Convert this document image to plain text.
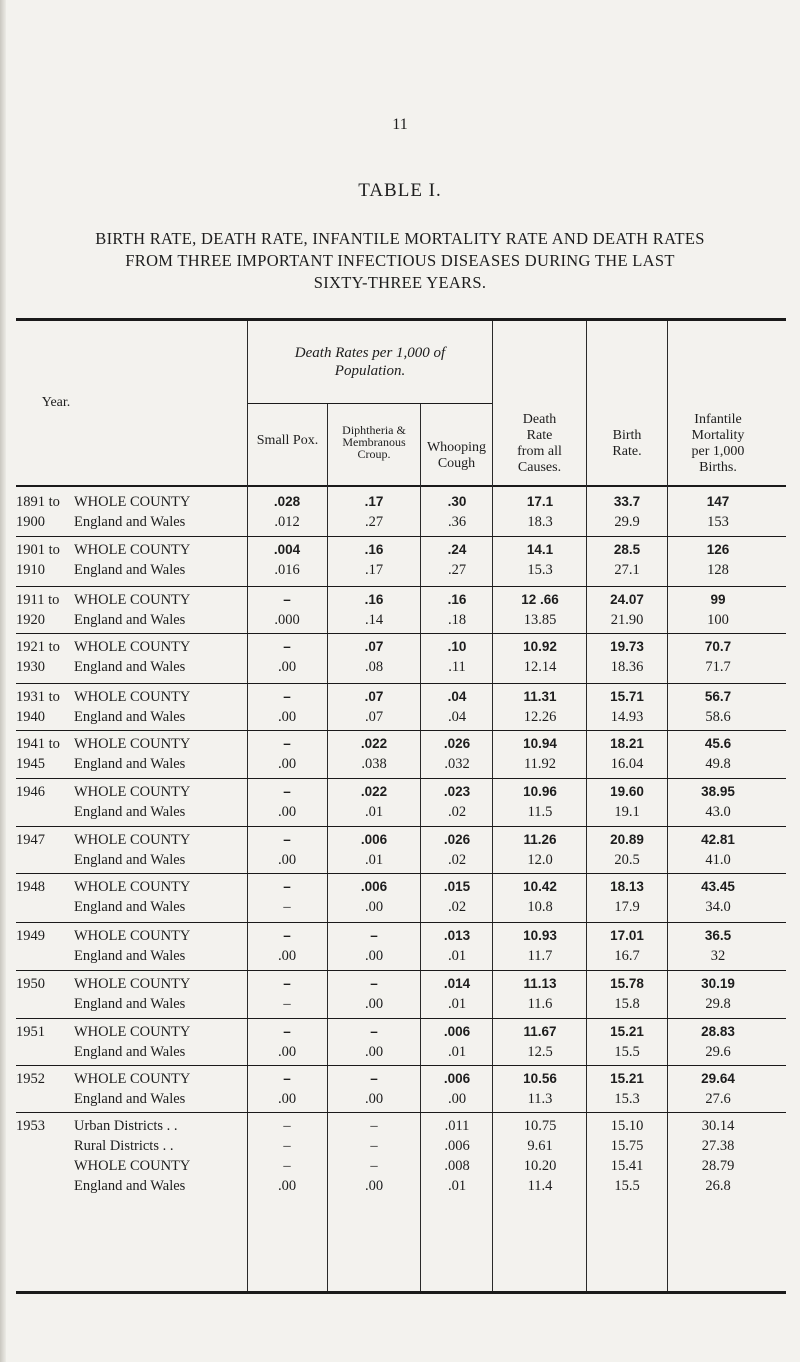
11
TABLE I.
BIRTH RATE, DEATH RATE, INFANTILE MORTALITY RATE AND DEATH RATES
FROM THREE IMPORTANT INFECTIOUS DISEASES DURING THE LAST
SIXTY-THREE YEARS.
Year.
Death Rates per 1,000 of
Population.
Small Pox.
Diphtheria &
Membranous
Croup.	Whooping
Cough
Death
Rate
from all
Causes.
Birth
Rate.
Infantile
Mortality
per 1,000
Births.
1891 to WHOLE COUNTY
1900 England and Wales
.028
.012
.17
.27
.30
.36
17.1
18.3
33.7
29.9
147
153
1901 to WHOLE COUNTY
1910 England and Wales
.004
.016
.16
.17
.24
.27
14.1
15.3
28.5
27.1
126
128
1911 to WHOLE COUNTY
1920 England and Wales
–
.000
.16
.14
.16
.18
12 .66
13.85
24.07
21.90
99
100
1921 to WHOLE COUNTY
1930 England and Wales
–
.00
.07
.08
.10
.11
10.92
12.14
19.73
18.36
70.7
71.7
1931 to WHOLE COUNTY
1940 England and Wales
–
.00
.07
.07
.04
.04
11.31
12.26
15.71
14.93
56.7
58.6
1941 to WHOLE COUNTY
1945 England and Wales
–
.00
.022
.038
.026
.032
10.94
11.92
18.21
16.04
45.6
49.8
1946 WHOLE COUNTY
England and Wales
–
.00
.022
.01
.023
.02
10.96
11.5
19.60
19.1
38.95
43.0
1947 WHOLE COUNTY
England and Wales
–
.00
.006
.01
.026
.02
11.26
12.0
20.89
20.5
42.81
41.0
1948 WHOLE COUNTY
England and Wales
–
–
.006
.00
.015
.02
10.42
10.8
18.13
17.9
43.45
34.0
1949 WHOLE COUNTY
England and Wales
–
.00
–
.00
.013
.01
10.93
11.7
17.01
16.7
36.5
32
1950 WHOLE COUNTY
England and Wales
–
–
–
.00
.014
.01
11.13
11.6
15.78
15.8
30.19
29.8
1951 WHOLE COUNTY
England and Wales
–
.00
–
.00
.006
.01
11.67
12.5
15.21
15.5
28.83
29.6
1952 WHOLE COUNTY
England and Wales
–
.00
–
.00
.006
.00
10.56
11.3
15.21
15.3
29.64
27.6
1953 Urban Districts . .
Rural Districts . .
WHOLE COUNTY
England and Wales
–
–
–
.00
–
–
–
.00
.011
.006
.008
.01
10.75
9.61
10.20
11.4
15.10
15.75
15.41
15.5
30.14
27.38
28.79
26.8
